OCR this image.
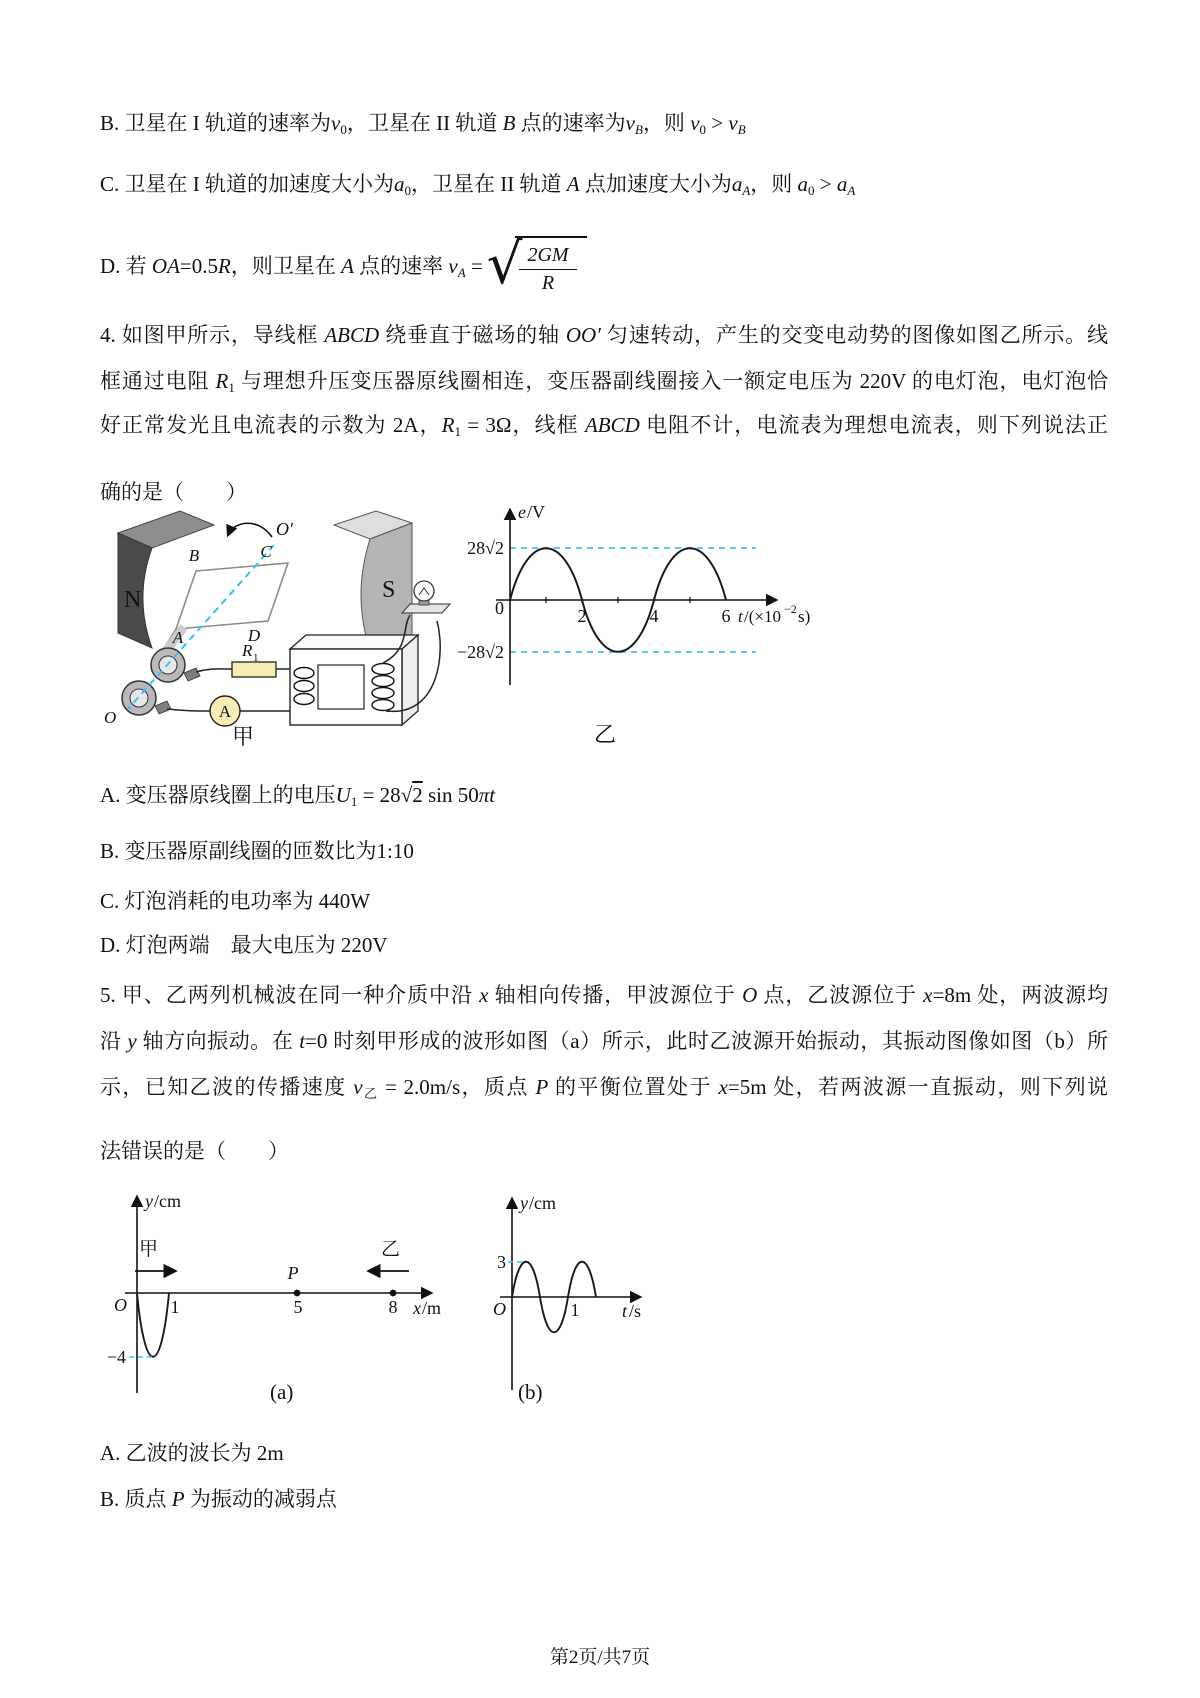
B. 卫星在 I 轨道的速率为v0，卫星在 II 轨道 B 点的速率为vB，则 v0 > vB
C. 卫星在 I 轨道的加速度大小为a0，卫星在 II 轨道 A 点加速度大小为aA，则 a0 > aA
D. 若 OA=0.5R，则卫星在 A 点的速率 vA = √
$\frac{2GM}{R}$
4. 如图甲所示，导线框 ABCD 绕垂直于磁场的轴 OO′ 匀速转动，产生的交变电动势的图像如图乙所示。线
框通过电阻 R1 与理想升压变压器原线圈相连，变压器副线圈接入一额定电压为 220V 的电灯泡，电灯泡恰
好正常发光且电流表的示数为 2A，R1 = 3Ω，线框 ABCD 电阻不计，电流表为理想电流表，则下列说法正
确的是（　　）
S
N
A
O′
B	C
A	D
R 1
O
甲
e /V
28√2
−28√2
0	2	4	6 t /(×10 −2 s)
乙
A. 变压器原线圈上的电压U1 = 28√2 sin 50πt
B. 变压器原副线圈的匝数比为1:10
C. 灯泡消耗的电功率为 440W
D. 灯泡两端　最大电压为 220V
5. 甲、乙两列机械波在同一种介质中沿 x 轴相向传播，甲波源位于 O 点，乙波源位于 x=8m 处，两波源均
沿 y 轴方向振动。在 t=0 时刻甲形成的波形如图（a）所示，此时乙波源开始振动，其振动图像如图（b）所
示，已知乙波的传播速度 v乙 = 2.0m/s，质点 P 的平衡位置处于 x=5m 处，若两波源一直振动，则下列说
法错误的是（　　）
y /cm
甲	乙
P
O 1	5	8 x /m
−4
(a)
y /cm
3
O	1 t /s
(b)
A. 乙波的波长为 2m
B. 质点 P 为振动的减弱点
第2页/共7页
